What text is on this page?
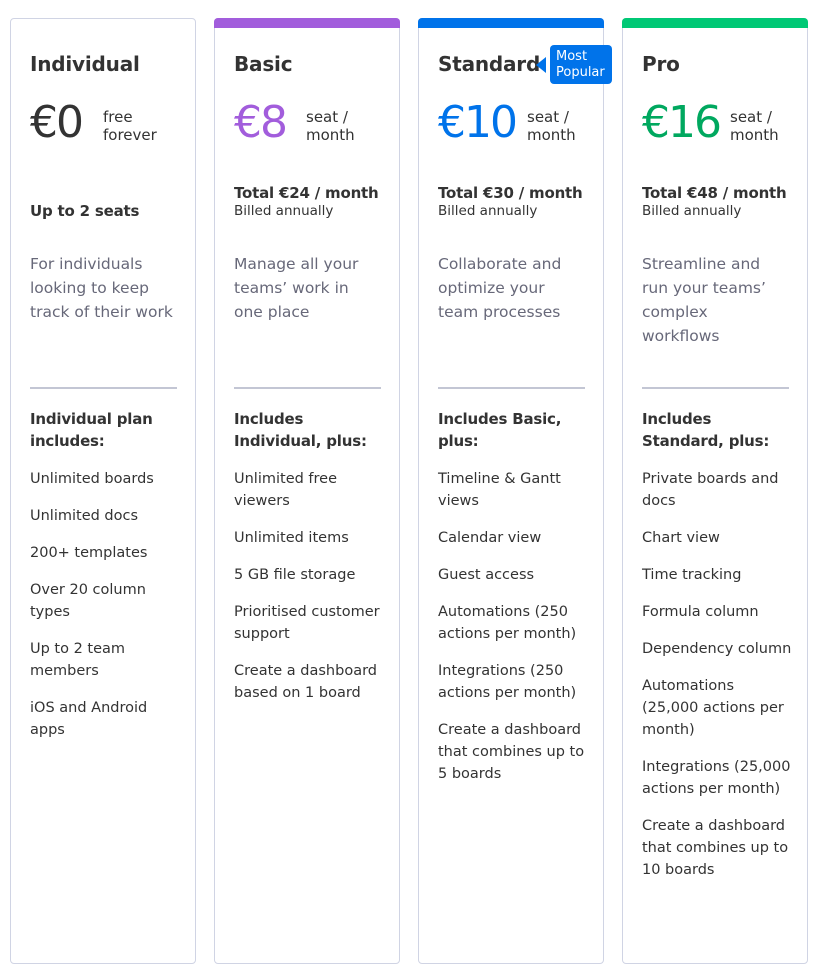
Individual
€0 free
forever
Up to 2 seats
For individuals looking to keep track of their work
Individual plan includes:
Unlimited boards
Unlimited docs
200+ templates
Over 20 column types
Up to 2 team members
iOS and Android apps
Basic
€8 seat /
month
Total €24 / month
Billed annually
Manage all your teams’ work in one place
Includes Individual, plus:
Unlimited free viewers
Unlimited items
5 GB file storage
Prioritised customer support
Create a dashboard based on 1 board
Standard
€10 seat /
month
Total €30 / month
Billed annually
Collaborate and optimize your team processes
Includes Basic, plus:
Timeline & Gantt views
Calendar view
Guest access
Automations (250 actions per month)
Integrations (250 actions per month)
Create a dashboard that combines up to 5 boards
Most
Popular	Pro
€16 seat /
month
Total €48 / month
Billed annually
Streamline and run your teams’ complex workflows
Includes Standard, plus:
Private boards and docs
Chart view
Time tracking
Formula column
Dependency column
Automations (25,000 actions per month)
Integrations (25,000 actions per month)
Create a dashboard that combines up to 10 boards
